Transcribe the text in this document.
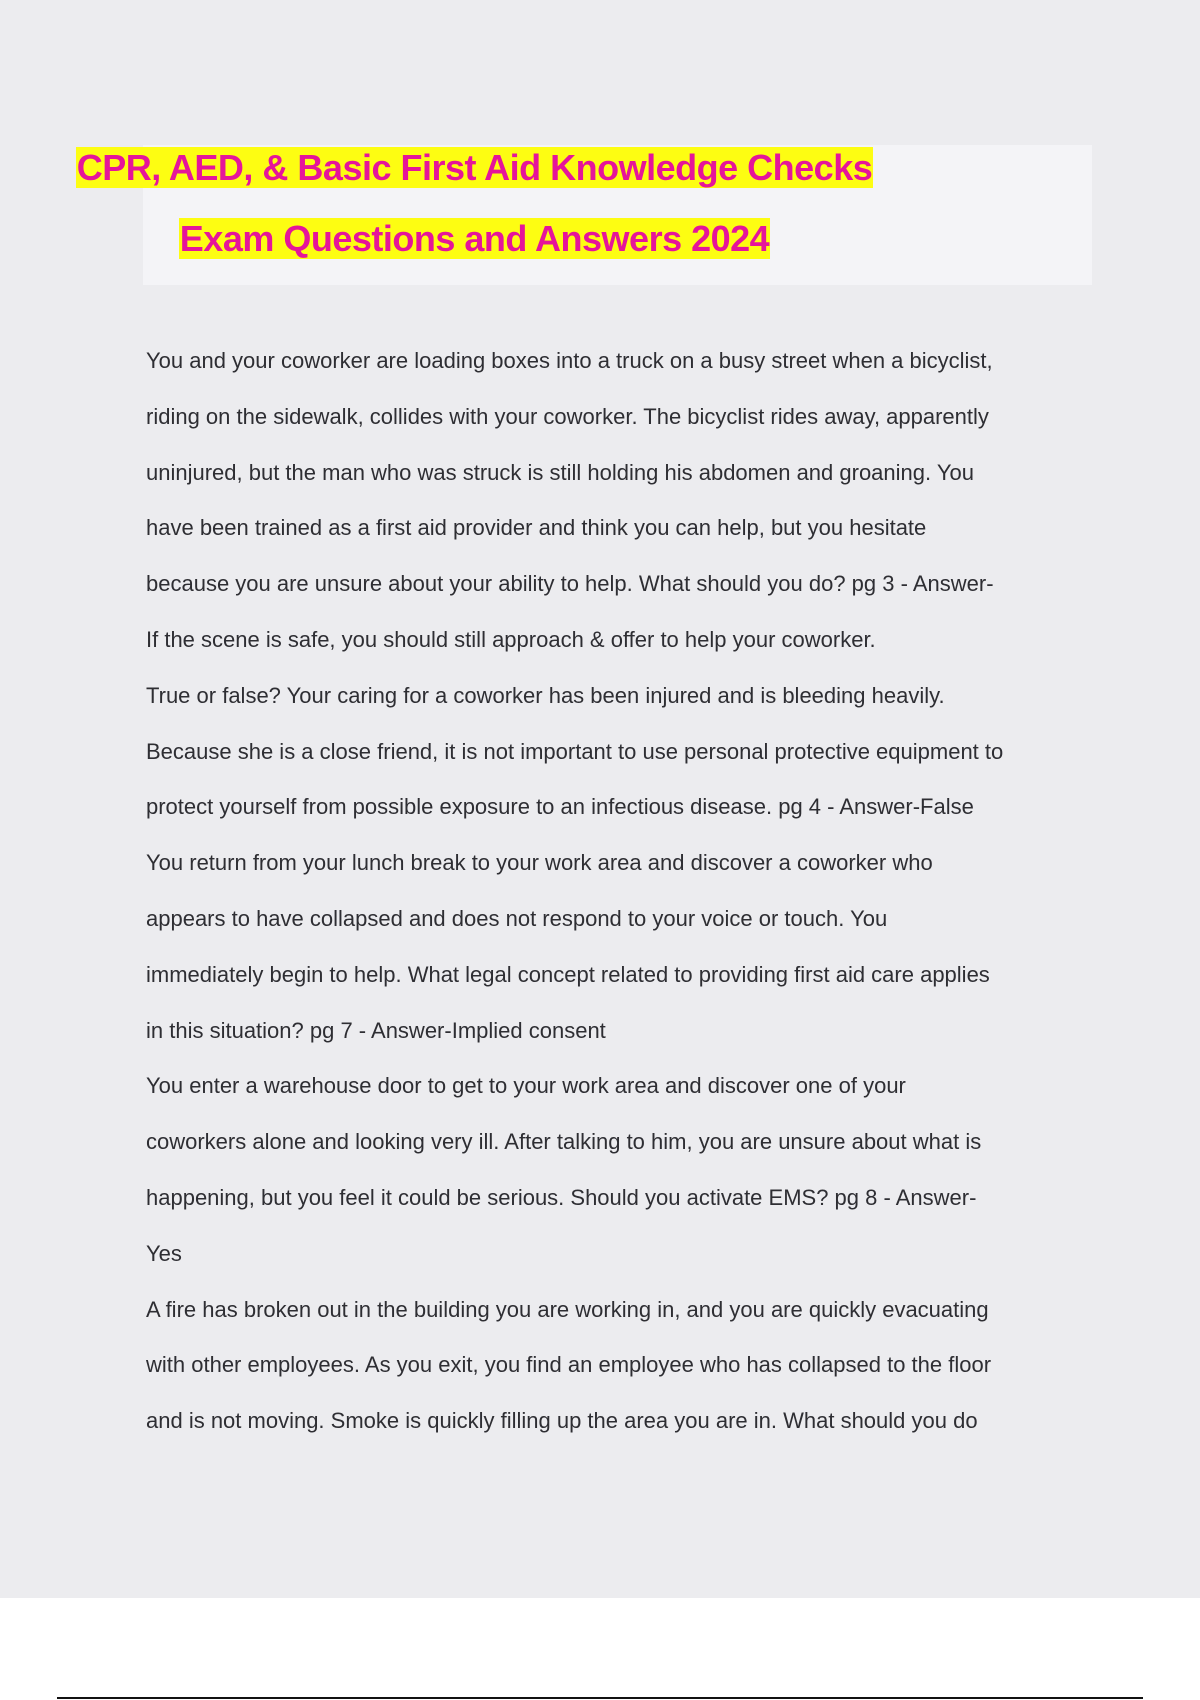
CPR, AED, & Basic First Aid Knowledge Checks
Exam Questions and Answers 2024
You and your coworker are loading boxes into a truck on a busy street when a bicyclist,
riding on the sidewalk, collides with your coworker. The bicyclist rides away, apparently
uninjured, but the man who was struck is still holding his abdomen and groaning. You
have been trained as a first aid provider and think you can help, but you hesitate
because you are unsure about your ability to help. What should you do? pg 3 - Answer-
If the scene is safe, you should still approach & offer to help your coworker.
True or false? Your caring for a coworker has been injured and is bleeding heavily.
Because she is a close friend, it is not important to use personal protective equipment to
protect yourself from possible exposure to an infectious disease. pg 4 - Answer-False
You return from your lunch break to your work area and discover a coworker who
appears to have collapsed and does not respond to your voice or touch. You
immediately begin to help. What legal concept related to providing first aid care applies
in this situation? pg 7 - Answer-Implied consent
You enter a warehouse door to get to your work area and discover one of your
coworkers alone and looking very ill. After talking to him, you are unsure about what is
happening, but you feel it could be serious. Should you activate EMS? pg 8 - Answer-
Yes
A fire has broken out in the building you are working in, and you are quickly evacuating
with other employees. As you exit, you find an employee who has collapsed to the floor
and is not moving. Smoke is quickly filling up the area you are in. What should you do
